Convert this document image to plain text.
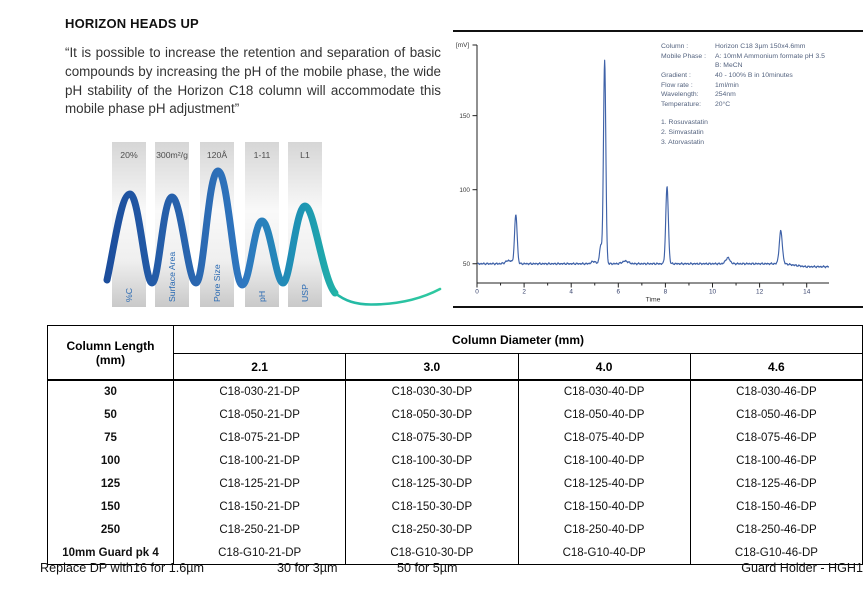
HORIZON HEADS UP
“It is possible to increase the retention and separation of basic compounds by increasing the pH of the mobile phase, the wide pH stability of the Horizon C18 column will accommodate this mobile phase pH adjustment”
20% 300m²/g 120Å	1-11	L1
%C	Surface Area	Pore Size	pH	USP
[mV]
50
100
150
0	2	4	6	8	10	12	14
Time
Column :	Horizon C18 3µm 150x4.6mm
Mobile Phase :	A: 10mM Ammonium formate pH 3.5
B: MeCN
Gradient :	40 - 100% B in 10minutes
Flow rate :	1ml/min
Wavelength:	254nm
Temperature:	20°C
1. Rosuvastatin
2. Simvastatin
3. Atorvastatin
Column Length
(mm)	Column Diameter (mm)			
	2.1	3.0	4.0	4.6
30	C18-030-21-DP	C18-030-30-DP	C18-030-40-DP	C18-030-46-DP
50	C18-050-21-DP	C18-050-30-DP	C18-050-40-DP	C18-050-46-DP
75	C18-075-21-DP	C18-075-30-DP	C18-075-40-DP	C18-075-46-DP
100	C18-100-21-DP	C18-100-30-DP	C18-100-40-DP	C18-100-46-DP
125	C18-125-21-DP	C18-125-30-DP	C18-125-40-DP	C18-125-46-DP
150	C18-150-21-DP	C18-150-30-DP	C18-150-40-DP	C18-150-46-DP
250	C18-250-21-DP	C18-250-30-DP	C18-250-40-DP	C18-250-46-DP
10mm Guard pk 4	C18-G10-21-DP	C18-G10-30-DP	C18-G10-40-DP	C18-G10-46-DP
Replace DP with :
16 for 1.6µm	30 for 3µm	50 for 5µm	Guard Holder - HGH1
